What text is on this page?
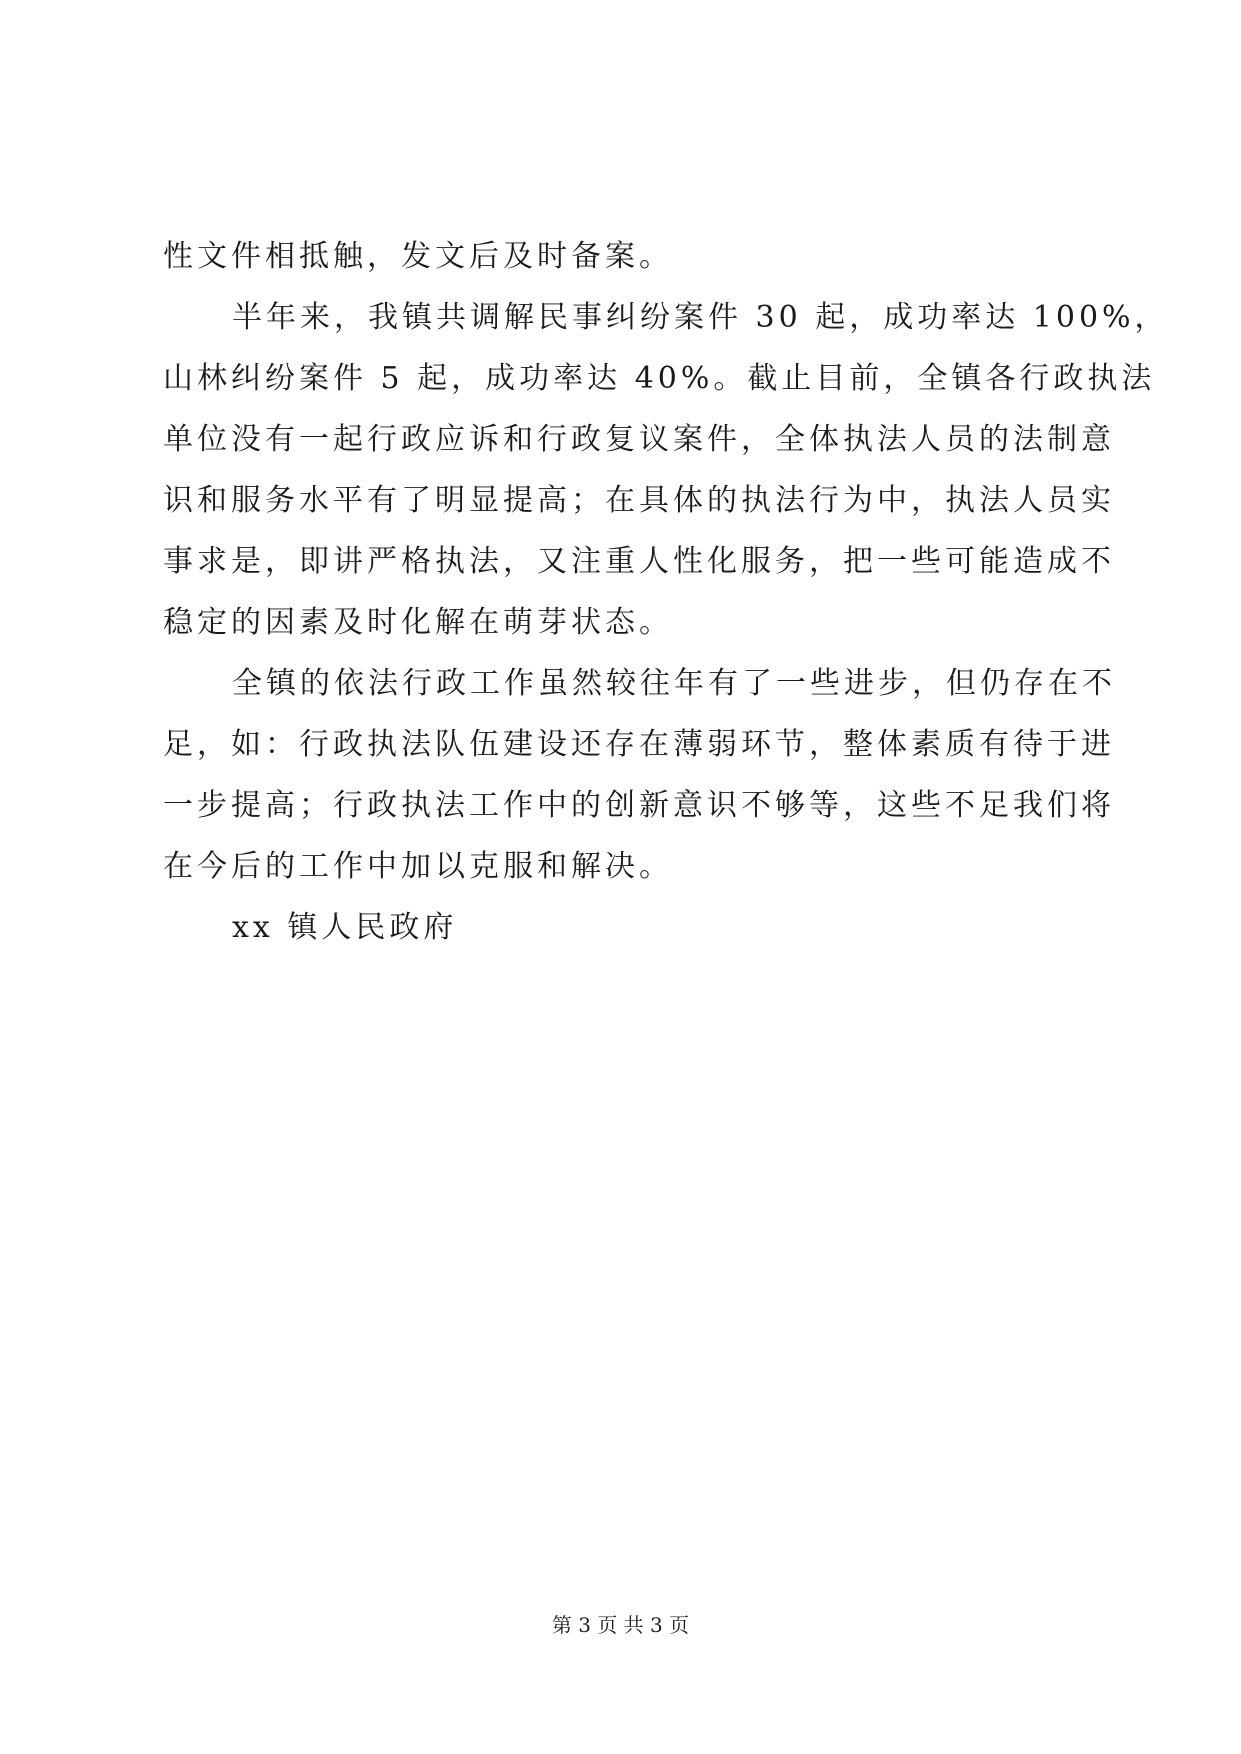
性文件相抵触，发文后及时备案。
半年来，我镇共调解民事纠纷案件 30 起，成功率达 100%，
山林纠纷案件 5 起，成功率达 40%。截止目前，全镇各行政执法
单位没有一起行政应诉和行政复议案件，全体执法人员的法制意
识和服务水平有了明显提高；在具体的执法行为中，执法人员实
事求是，即讲严格执法，又注重人性化服务，把一些可能造成不
稳定的因素及时化解在萌芽状态。
全镇的依法行政工作虽然较往年有了一些进步，但仍存在不
足，如：行政执法队伍建设还存在薄弱环节，整体素质有待于进
一步提高；行政执法工作中的创新意识不够等，这些不足我们将
在今后的工作中加以克服和解决。
xx 镇人民政府
第 3 页 共 3 页
